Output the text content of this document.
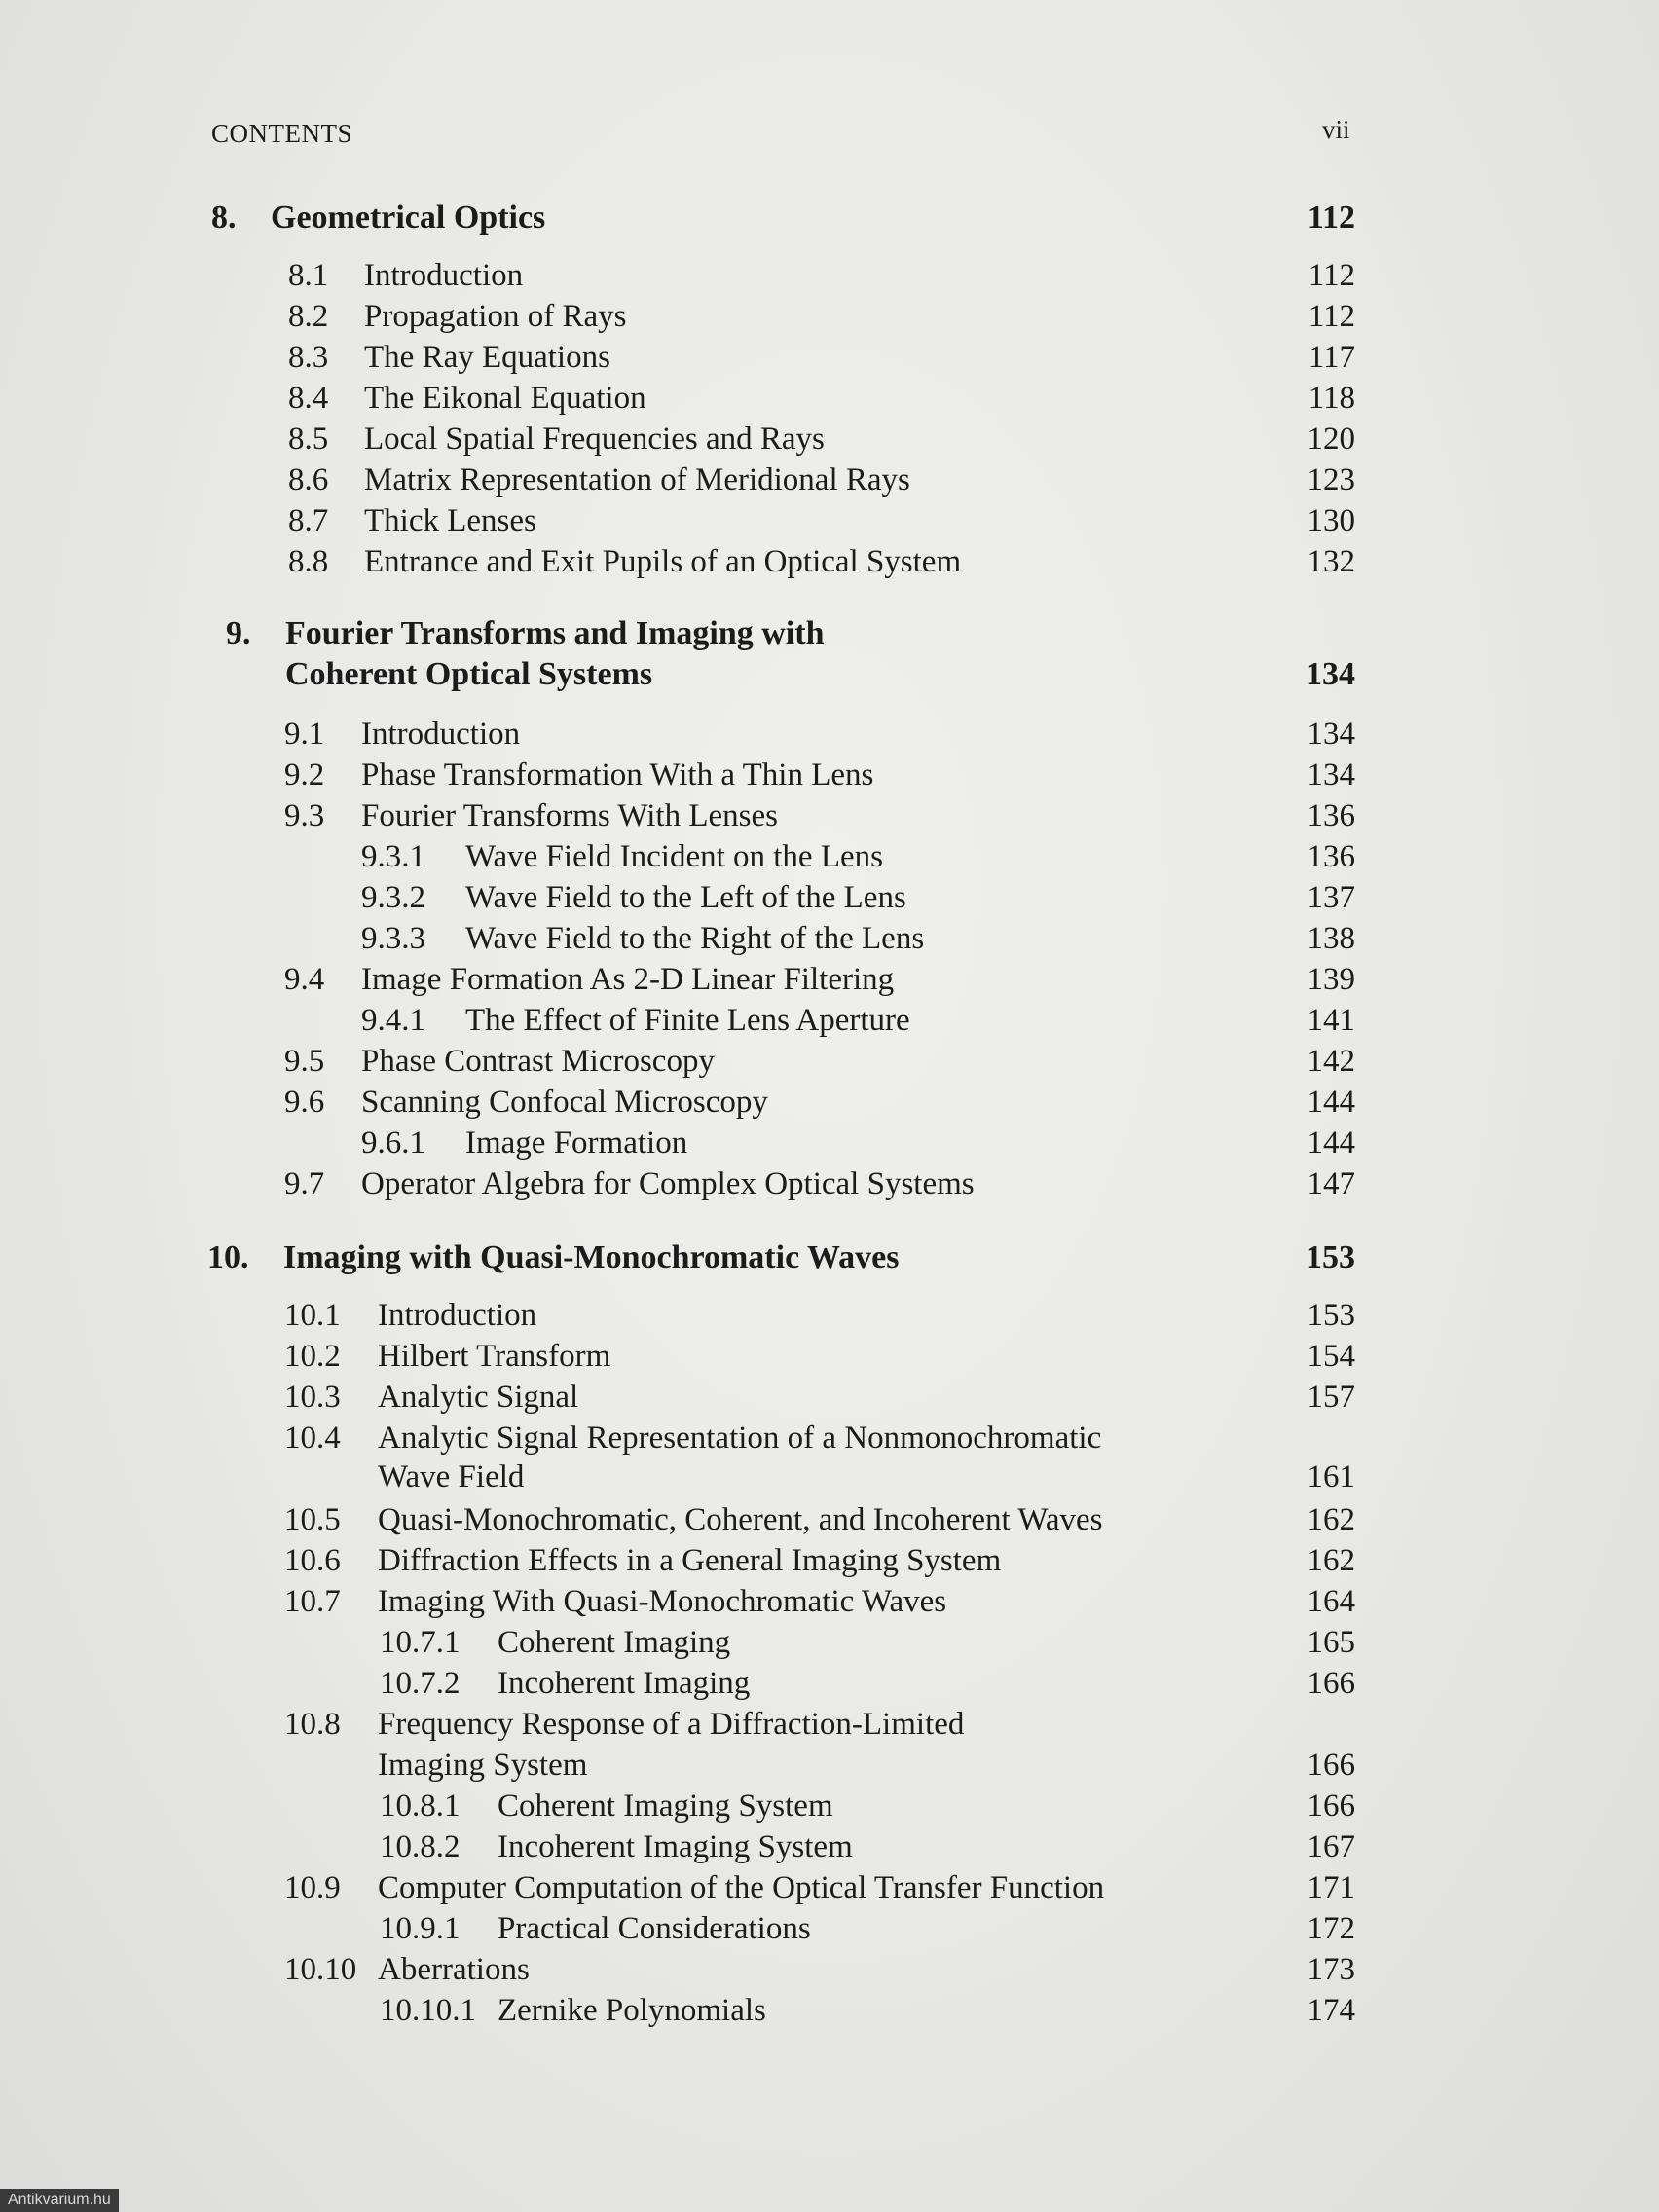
CONTENTS	vii
8. Geometrical Optics	112
8.1 Introduction	112
8.2 Propagation of Rays	112
8.3 The Ray Equations	117
8.4 The Eikonal Equation	118
8.5 Local Spatial Frequencies and Rays	120
8.6 Matrix Representation of Meridional Rays	123
8.7 Thick Lenses	130
8.8 Entrance and Exit Pupils of an Optical System	132
9. Fourier Transforms and Imaging with
Coherent Optical Systems	134
9.1 Introduction	134
9.2 Phase Transformation With a Thin Lens	134
9.3 Fourier Transforms With Lenses	136
9.3.1 Wave Field Incident on the Lens	136
9.3.2 Wave Field to the Left of the Lens	137
9.3.3 Wave Field to the Right of the Lens	138
9.4 Image Formation As 2-D Linear Filtering	139
9.4.1 The Effect of Finite Lens Aperture	141
9.5 Phase Contrast Microscopy	142
9.6 Scanning Confocal Microscopy	144
9.6.1 Image Formation	144
9.7 Operator Algebra for Complex Optical Systems	147
10. Imaging with Quasi-Monochromatic Waves	153
10.1 Introduction	153
10.2 Hilbert Transform	154
10.3 Analytic Signal	157
10.4 Analytic Signal Representation of a Nonmonochromatic
Wave Field	161
10.5 Quasi-Monochromatic, Coherent, and Incoherent Waves	162
10.6 Diffraction Effects in a General Imaging System	162
10.7 Imaging With Quasi-Monochromatic Waves	164
10.7.1 Coherent Imaging	165
10.7.2 Incoherent Imaging	166
10.8 Frequency Response of a Diffraction-Limited
Imaging System	166
10.8.1 Coherent Imaging System	166
10.8.2 Incoherent Imaging System	167
10.9 Computer Computation of the Optical Transfer Function	171
10.9.1 Practical Considerations	172
10.10 Aberrations	173
10.10.1 Zernike Polynomials	174
Antikvarium.hu
